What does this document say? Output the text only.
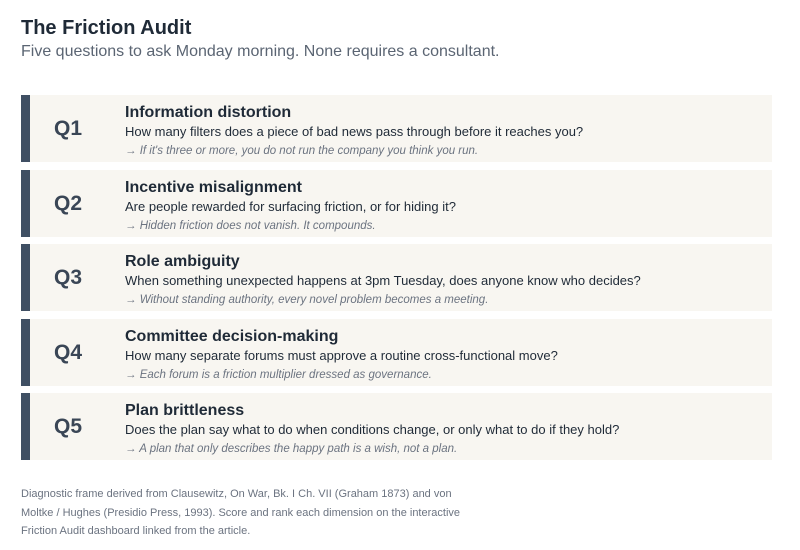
The Friction Audit
Five questions to ask Monday morning. None requires a consultant.
Q1
Information distortion
How many filters does a piece of bad news pass through before it reaches you?
→ If it's three or more, you do not run the company you think you run.
Q2
Incentive misalignment
Are people rewarded for surfacing friction, or for hiding it?
→ Hidden friction does not vanish. It compounds.
Q3
Role ambiguity
When something unexpected happens at 3pm Tuesday, does anyone know who decides?
→ Without standing authority, every novel problem becomes a meeting.
Q4
Committee decision-making
How many separate forums must approve a routine cross-functional move?
→ Each forum is a friction multiplier dressed as governance.
Q5
Plan brittleness
Does the plan say what to do when conditions change, or only what to do if they hold?
→ A plan that only describes the happy path is a wish, not a plan.
Diagnostic frame derived from Clausewitz, On War, Bk. I Ch. VII (Graham 1873) and von Moltke / Hughes (Presidio Press, 1993). Score and rank each dimension on the interactive Friction Audit dashboard linked from the article.
